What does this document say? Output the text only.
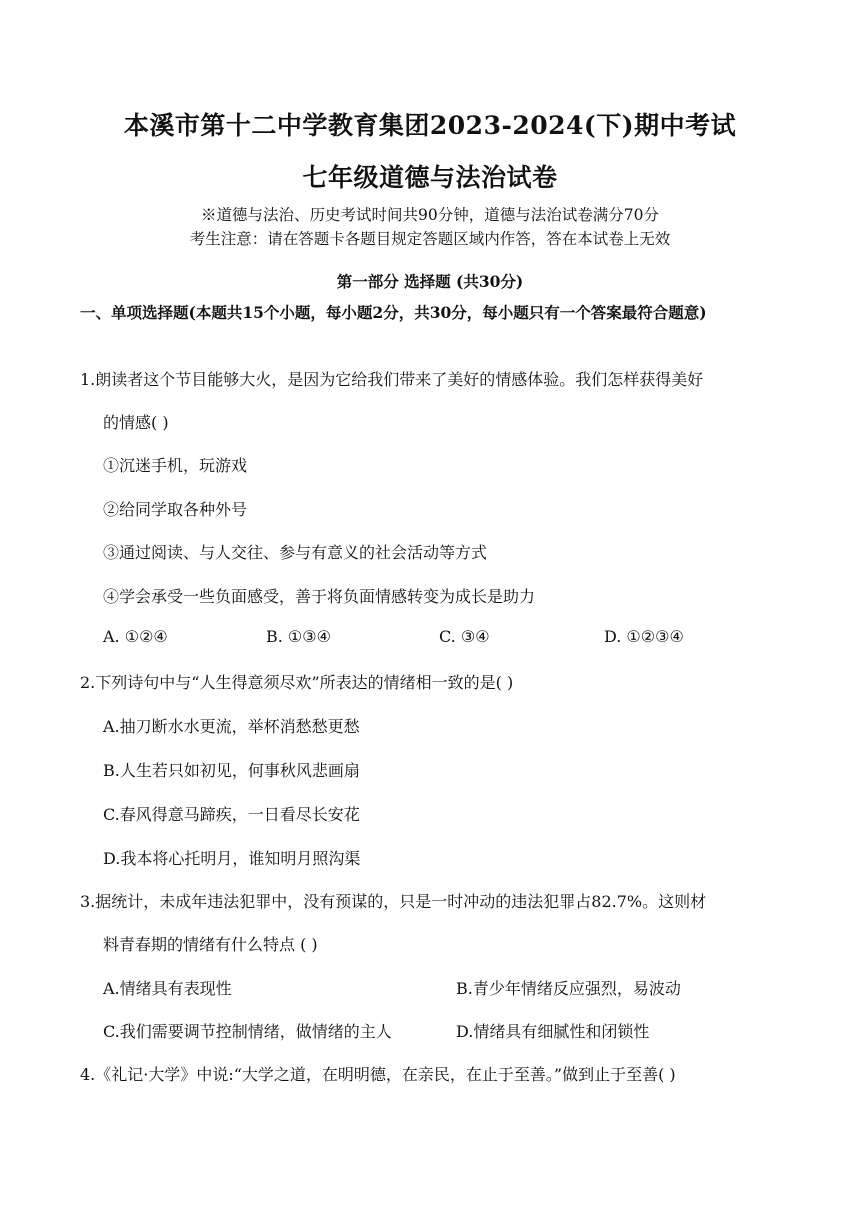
本溪市第十二中学教育集团2023-2024(下)期中考试
七年级道德与法治试卷
※道德与法治、历史考试时间共90分钟，道德与法治试卷满分70分
考生注意：请在答题卡各题目规定答题区域内作答，答在本试卷上无效
第一部分 选择题 (共30分)
一、单项选择题(本题共15个小题，每小题2分，共30分，每小题只有一个答案最符合题意)
1.朗读者这个节目能够大火，是因为它给我们带来了美好的情感体验。我们怎样获得美好
的情感( )
①沉迷手机，玩游戏
②给同学取各种外号
③通过阅读、与人交往、参与有意义的社会活动等方式
④学会承受一些负面感受，善于将负面情感转变为成长是助力
A. ①②④	B. ①③④	C. ③④	D. ①②③④
2.下列诗句中与“人生得意须尽欢”所表达的情绪相一致的是( )
A.抽刀断水水更流，举杯消愁愁更愁
B.人生若只如初见，何事秋风悲画扇
C.春风得意马蹄疾，一日看尽长安花
D.我本将心托明月，谁知明月照沟渠
3.据统计，未成年违法犯罪中，没有预谋的，只是一时冲动的违法犯罪占82.7%。这则材
料青春期的情绪有什么特点 ( )
A.情绪具有表现性	B.青少年情绪反应强烈，易波动
C.我们需要调节控制情绪，做情绪的主人	D.情绪具有细腻性和闭锁性
4.《礼记·大学》中说:“大学之道，在明明德，在亲民，在止于至善。”做到止于至善( )
